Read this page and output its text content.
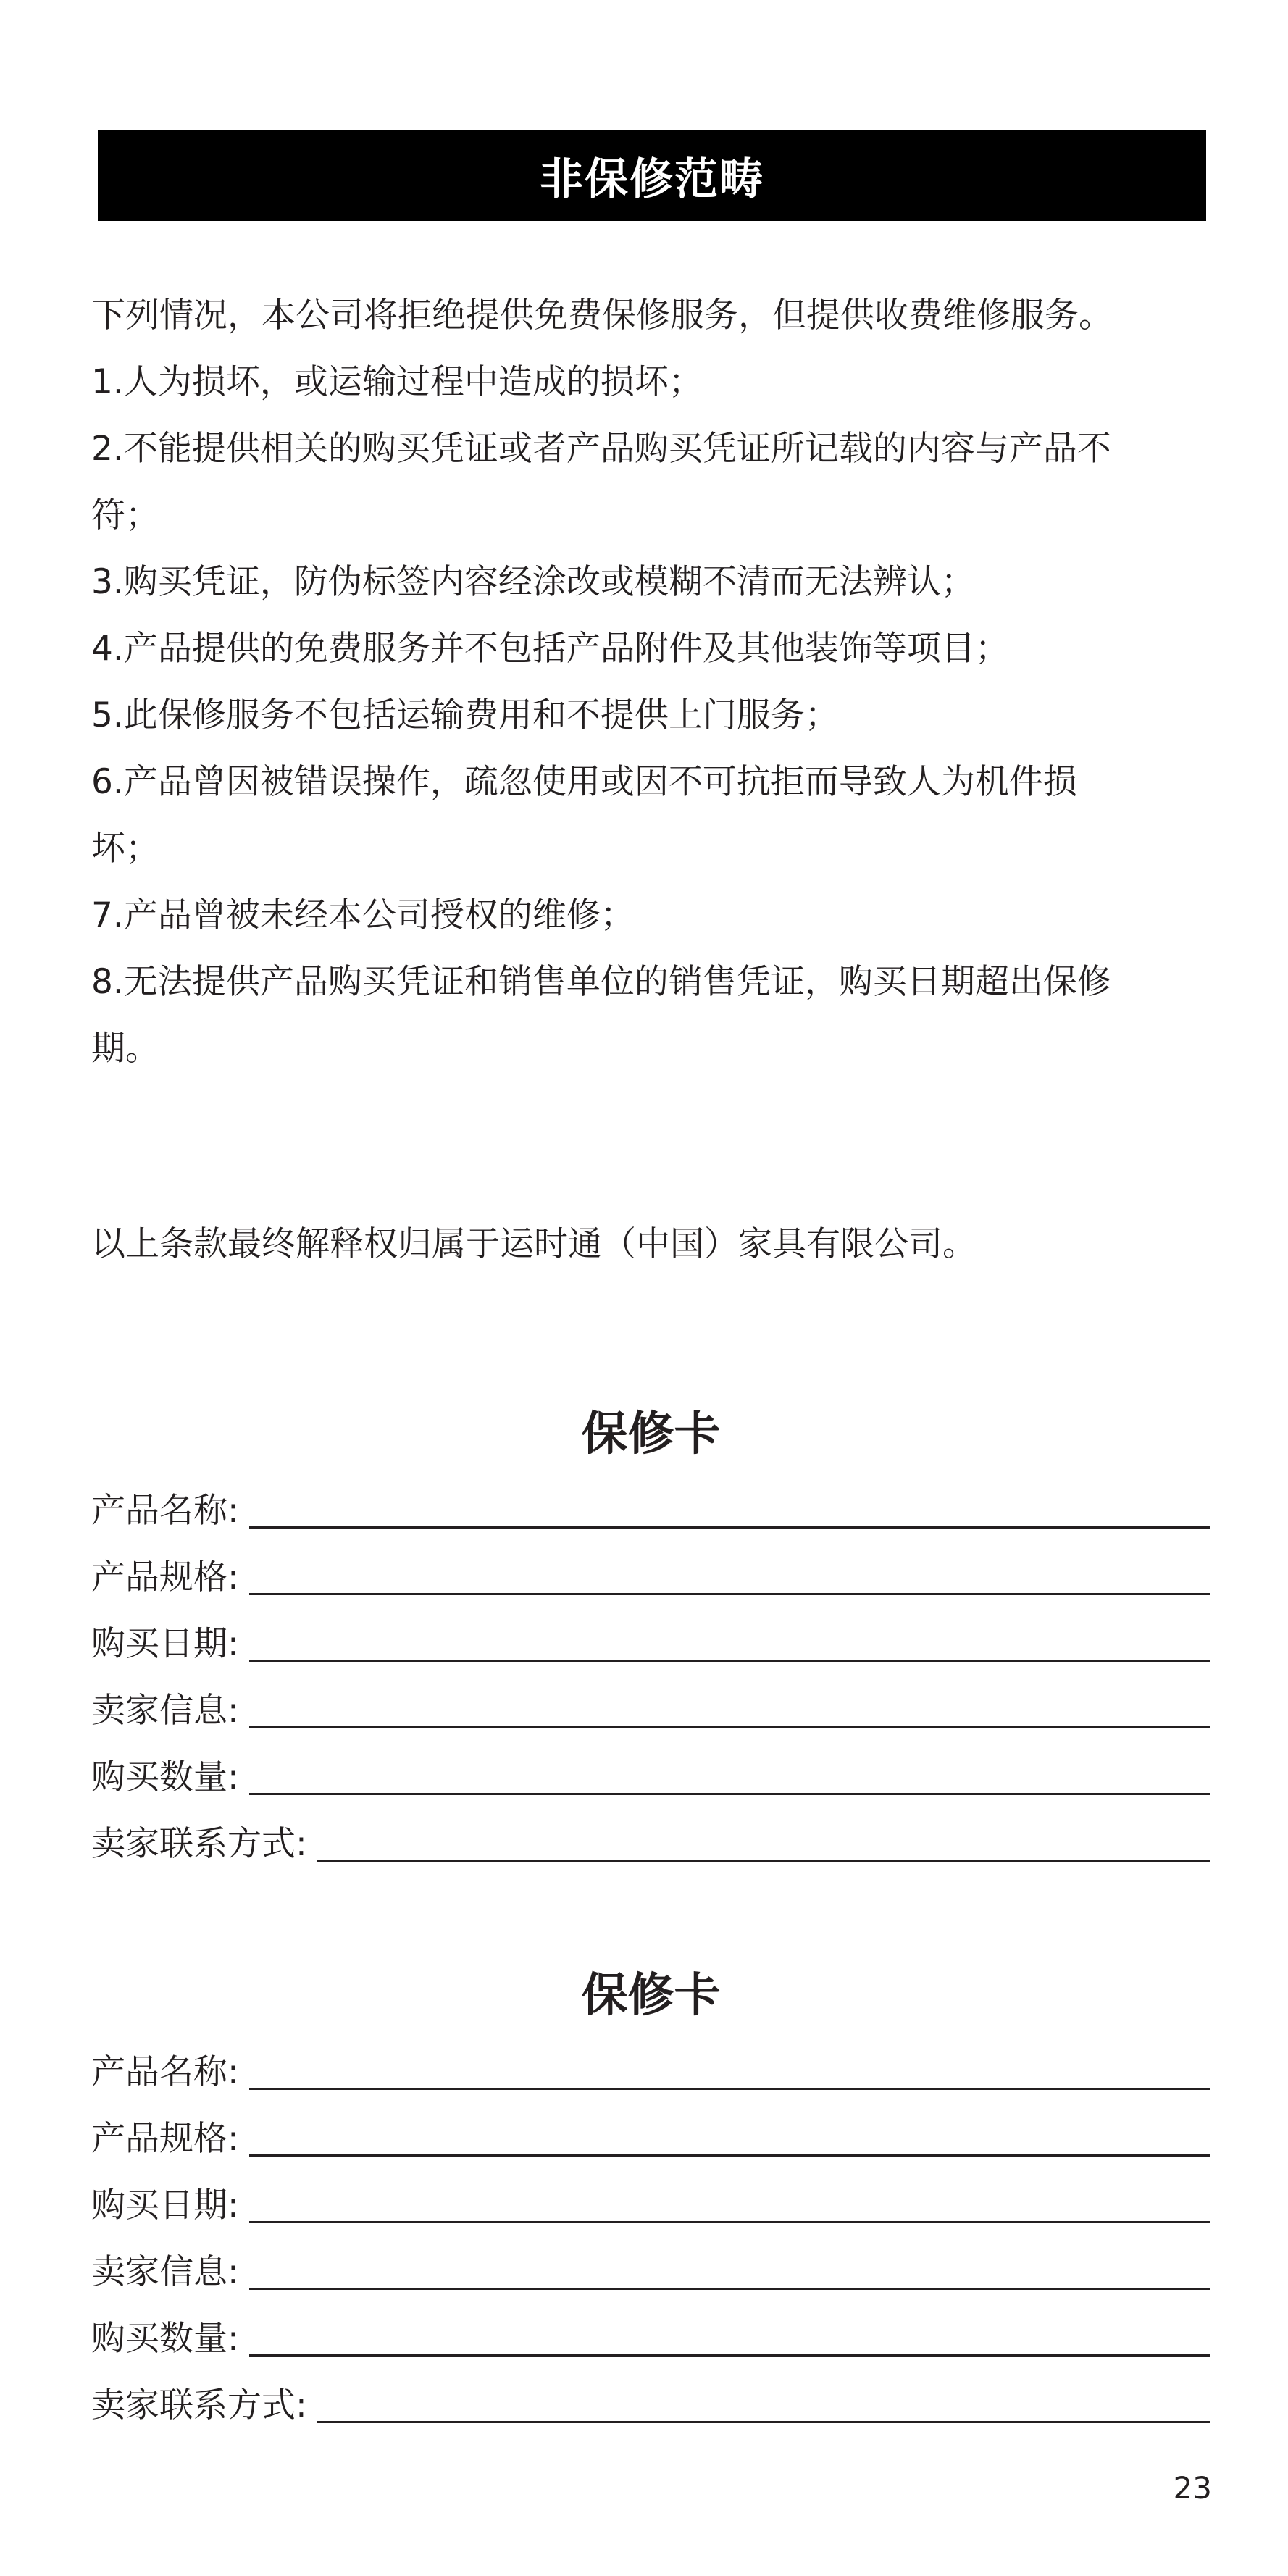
非保修范畴

下列情况，本公司将拒绝提供免费保修服务，但提供收费维修服务。

1.人为损坏，或运输过程中造成的损坏；

2.不能提供相关的购买凭证或者产品购买凭证所记载的内容与产品不

符；

3.购买凭证，防伪标签内容经涂改或模糊不清而无法辨认；

4.产品提供的免费服务并不包括产品附件及其他装饰等项目；

5.此保修服务不包括运输费用和不提供上门服务；

6.产品曾因被错误操作，疏忽使用或因不可抗拒而导致人为机件损

坏；

7.产品曾被未经本公司授权的维修；

8.无法提供产品购买凭证和销售单位的销售凭证，购买日期超出保修

期。

以上条款最终解释权归属于运时通（中国）家具有限公司。

保修卡
产品名称:
产品规格:
购买日期:
卖家信息:
购买数量:
卖家联系方式:
保修卡
产品名称:
产品规格:
购买日期:
卖家信息:
购买数量:
卖家联系方式:
23
